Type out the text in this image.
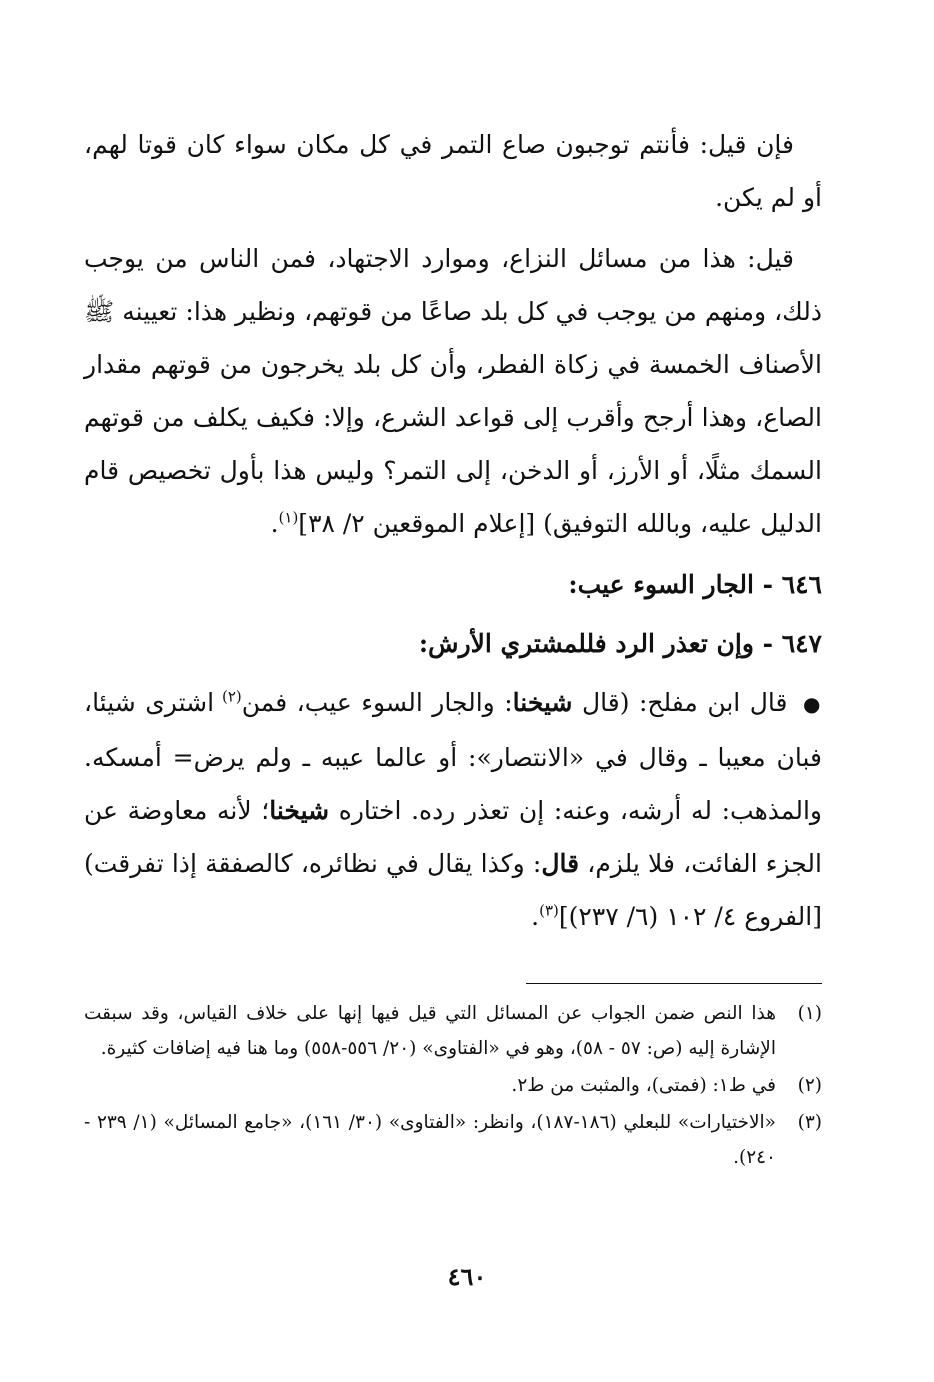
فإن قيل: فأنتم توجبون صاع التمر في كل مكان سواء كان قوتا لهم، أو لم يكن.

قيل: هذا من مسائل النزاع، وموارد الاجتهاد، فمن الناس من يوجب ذلك، ومنهم من يوجب في كل بلد صاعًا من قوتهم، ونظير هذا: تعيينه ﷺ الأصناف الخمسة في زكاة الفطر، وأن كل بلد يخرجون من قوتهم مقدار الصاع، وهذا أرجح وأقرب إلى قواعد الشرع، وإلا: فكيف يكلف من قوتهم السمك مثلًا، أو الأرز، أو الدخن، إلى التمر؟ وليس هذا بأول تخصيص قام الدليل عليه، وبالله التوفيق) [إعلام الموقعين ٢/ ٣٨]$^{(١)}$.

٦٤٦ - الجار السوء عيب:
٦٤٧ - وإن تعذر الرد فللمشتري الأرش:

● قال ابن مفلح: (قال شيخنا: والجار السوء عيب، فمن$^{(٢)}$ اشترى شيئا، فبان معيبا ـ وقال في «الانتصار»: أو عالما عيبه ـ ولم يرض= أمسكه. والمذهب: له أرشه، وعنه: إن تعذر رده. اختاره شيخنا؛ لأنه معاوضة عن الجزء الفائت، فلا يلزم، قال: وكذا يقال في نظائره، كالصفقة إذا تفرقت) [الفروع ٤/ ١٠٢ (٦/ ٢٣٧)]$^{(٣)}$.

(١)
هذا النص ضمن الجواب عن المسائل التي قيل فيها إنها على خلاف القياس، وقد سبقت الإشارة إليه (ص: ٥٧ - ٥٨)، وهو في «الفتاوى» (٢٠/ ٥٥٦-٥٥٨) وما هنا فيه إضافات كثيرة.
(٢)
في ط١: (فمتى)، والمثبت من ط٢.
(٣)
«الاختيارات» للبعلي (١٨٦-١٨٧)، وانظر: «الفتاوى» (٣٠/ ١٦١)، «جامع المسائل» (١/ ٢٣٩ - ٢٤٠).
٤٦٠
